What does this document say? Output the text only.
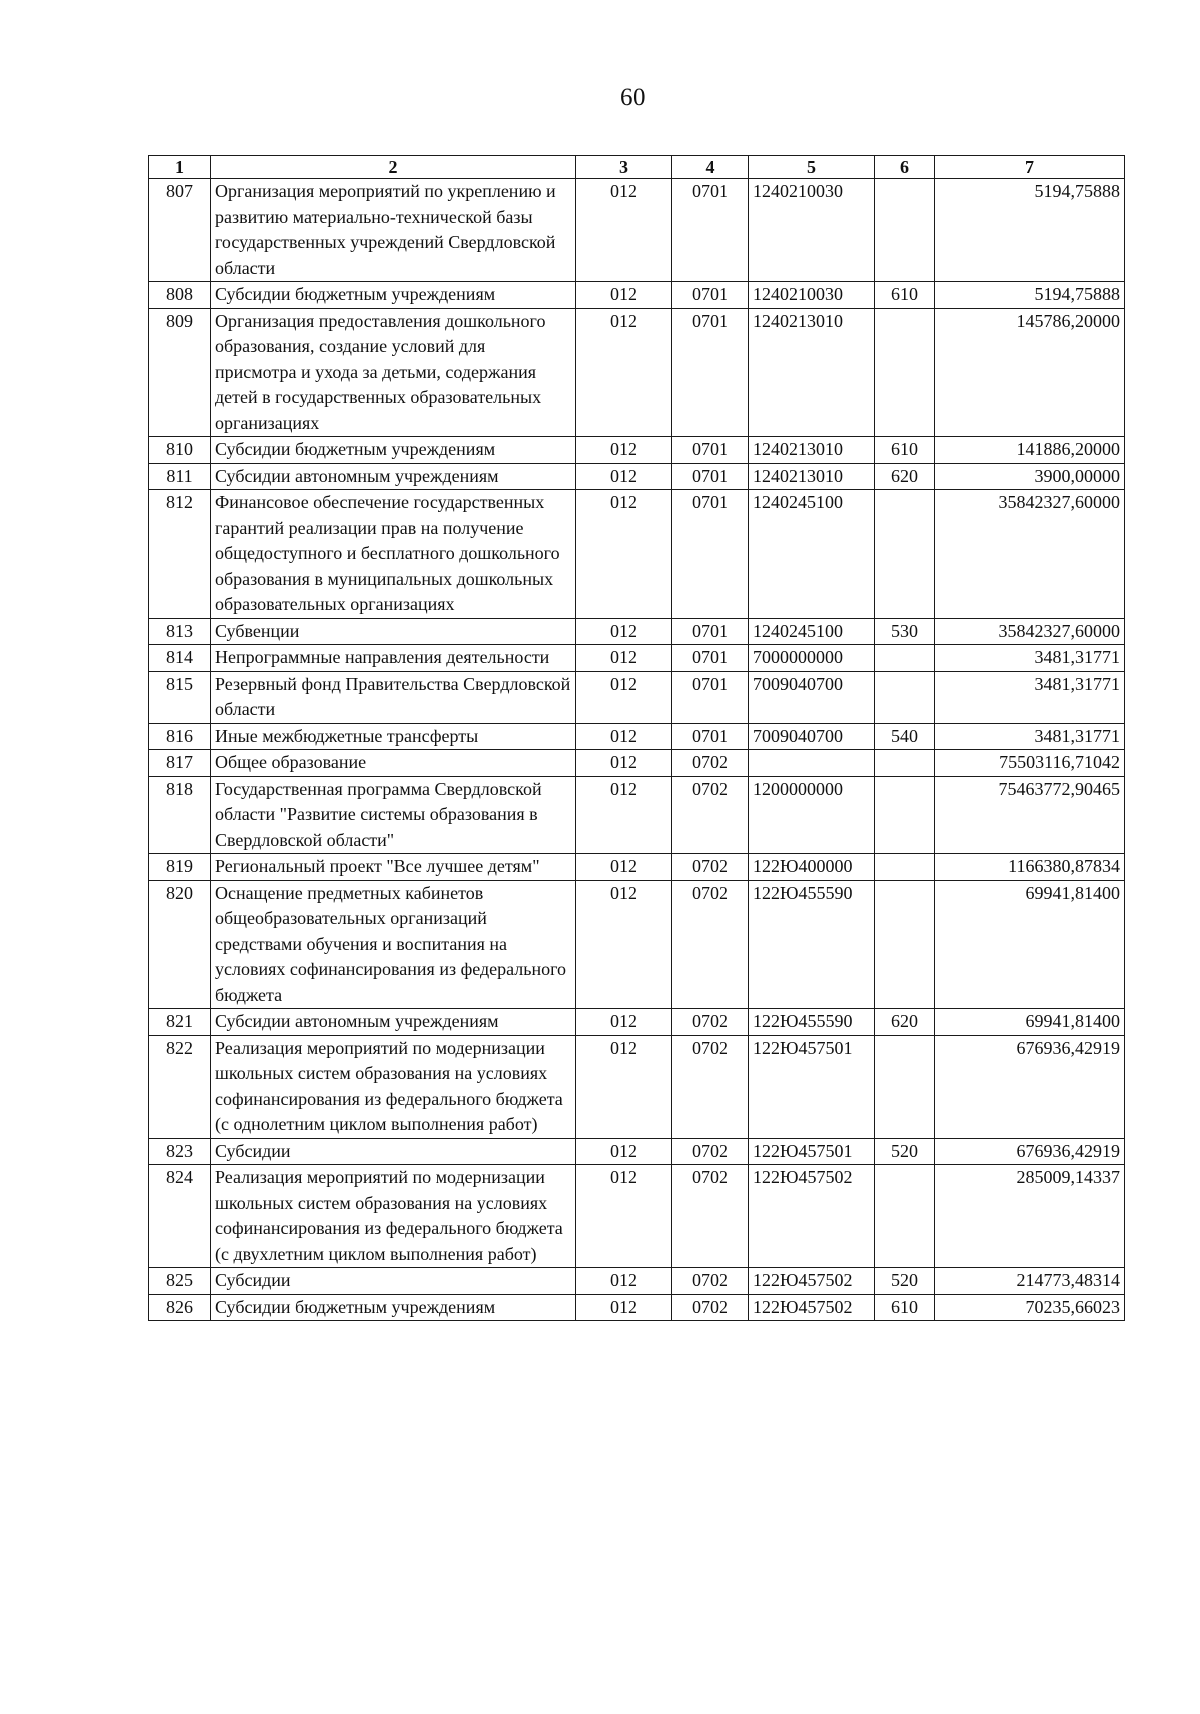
60
1	2	3	4	5	6	7
807	Организация мероприятий по укреплению и развитию материально-технической базы государственных учреждений Свердловской области	012	0701	1240210030		5194,75888
808	Субсидии бюджетным учреждениям	012	0701	1240210030	610	5194,75888
809	Организация предоставления дошкольного образования, создание условий для присмотра и ухода за детьми, содержания детей в государственных образовательных организациях	012	0701	1240213010		145786,20000
810	Субсидии бюджетным учреждениям	012	0701	1240213010	610	141886,20000
811	Субсидии автономным учреждениям	012	0701	1240213010	620	3900,00000
812	Финансовое обеспечение государственных гарантий реализации прав на получение общедоступного и бесплатного дошкольного образования в муниципальных дошкольных образовательных организациях	012	0701	1240245100		35842327,60000
813	Субвенции	012	0701	1240245100	530	35842327,60000
814	Непрограммные направления деятельности	012	0701	7000000000		3481,31771
815	Резервный фонд Правительства Свердловской области	012	0701	7009040700		3481,31771
816	Иные межбюджетные трансферты	012	0701	7009040700	540	3481,31771
817	Общее образование	012	0702			75503116,71042
818	Государственная программа Свердловской области "Развитие системы образования в Свердловской области"	012	0702	1200000000		75463772,90465
819	Региональный проект "Все лучшее детям"	012	0702	122Ю400000		1166380,87834
820	Оснащение предметных кабинетов общеобразовательных организаций средствами обучения и воспитания на условиях софинансирования из федерального бюджета	012	0702	122Ю455590		69941,81400
821	Субсидии автономным учреждениям	012	0702	122Ю455590	620	69941,81400
822	Реализация мероприятий по модернизации школьных систем образования на условиях софинансирования из федерального бюджета (с однолетним циклом выполнения работ)	012	0702	122Ю457501		676936,42919
823	Субсидии	012	0702	122Ю457501	520	676936,42919
824	Реализация мероприятий по модернизации школьных систем образования на условиях софинансирования из федерального бюджета (с двухлетним циклом выполнения работ)	012	0702	122Ю457502		285009,14337
825	Субсидии	012	0702	122Ю457502	520	214773,48314
826	Субсидии бюджетным учреждениям	012	0702	122Ю457502	610	70235,66023
